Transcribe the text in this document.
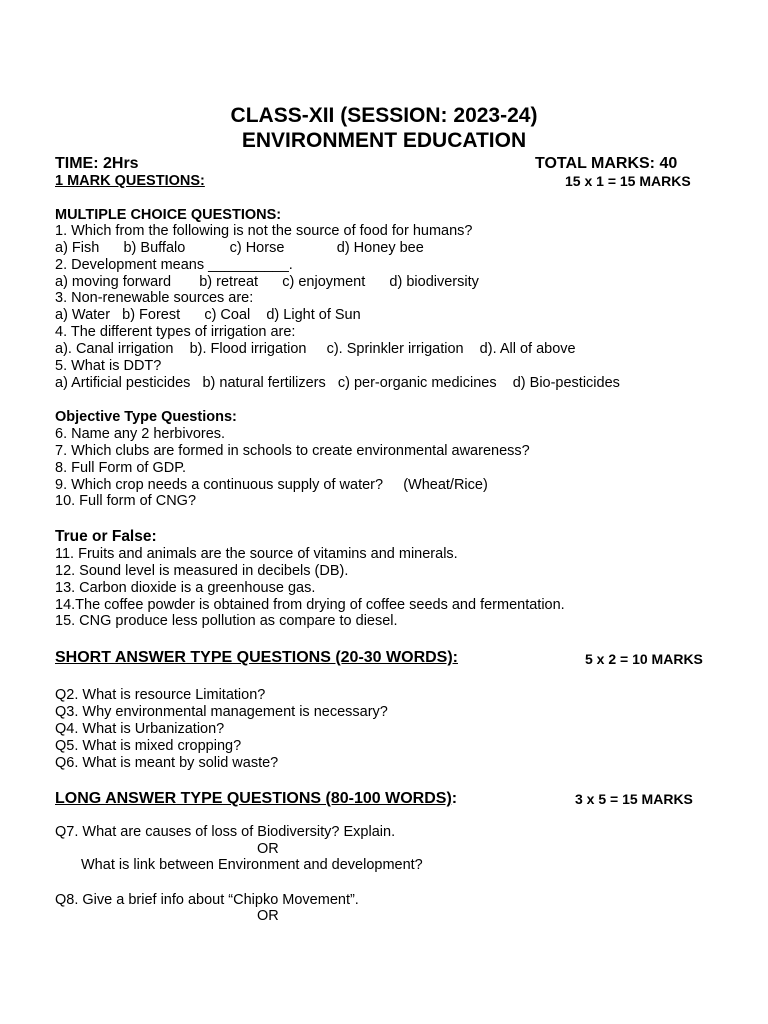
CLASS-XII (SESSION: 2023-24)
ENVIRONMENT EDUCATION
TIME: 2Hrs	TOTAL MARKS: 40
1 MARK QUESTIONS:	15 x 1 = 15 MARKS
MULTIPLE CHOICE QUESTIONS:
1. Which from the following is not the source of food for humans?
a) Fish      b) Buffalo           c) Horse             d) Honey bee
2. Development means __________.
a) moving forward       b) retreat      c) enjoyment      d) biodiversity
3. Non-renewable sources are:
a) Water   b) Forest      c) Coal    d) Light of Sun
4. The different types of irrigation are:
a). Canal irrigation    b). Flood irrigation     c). Sprinkler irrigation    d). All of above
5. What is DDT?
a) Artificial pesticides   b) natural fertilizers   c) per-organic medicines    d) Bio-pesticides
Objective Type Questions:
6. Name any 2 herbivores.
7. Which clubs are formed in schools to create environmental awareness?
8. Full Form of GDP.
9. Which crop needs a continuous supply of water?     (Wheat/Rice)
10. Full form of CNG?
True or False:
11. Fruits and animals are the source of vitamins and minerals.
12. Sound level is measured in decibels (DB).
13. Carbon dioxide is a greenhouse gas.
14.The coffee powder is obtained from drying of coffee seeds and fermentation.
15. CNG produce less pollution as compare to diesel.
SHORT ANSWER TYPE QUESTIONS (20-30 WORDS):	5 x 2 = 10 MARKS
Q2. What is resource Limitation?
Q3. Why environmental management is necessary?
Q4. What is Urbanization?
Q5. What is mixed cropping?
Q6. What is meant by solid waste?
LONG ANSWER TYPE QUESTIONS (80-100 WORDS):	3 x 5 = 15 MARKS
Q7. What are causes of loss of Biodiversity? Explain.
OR
What is link between Environment and development?
Q8. Give a brief info about “Chipko Movement”.
OR
